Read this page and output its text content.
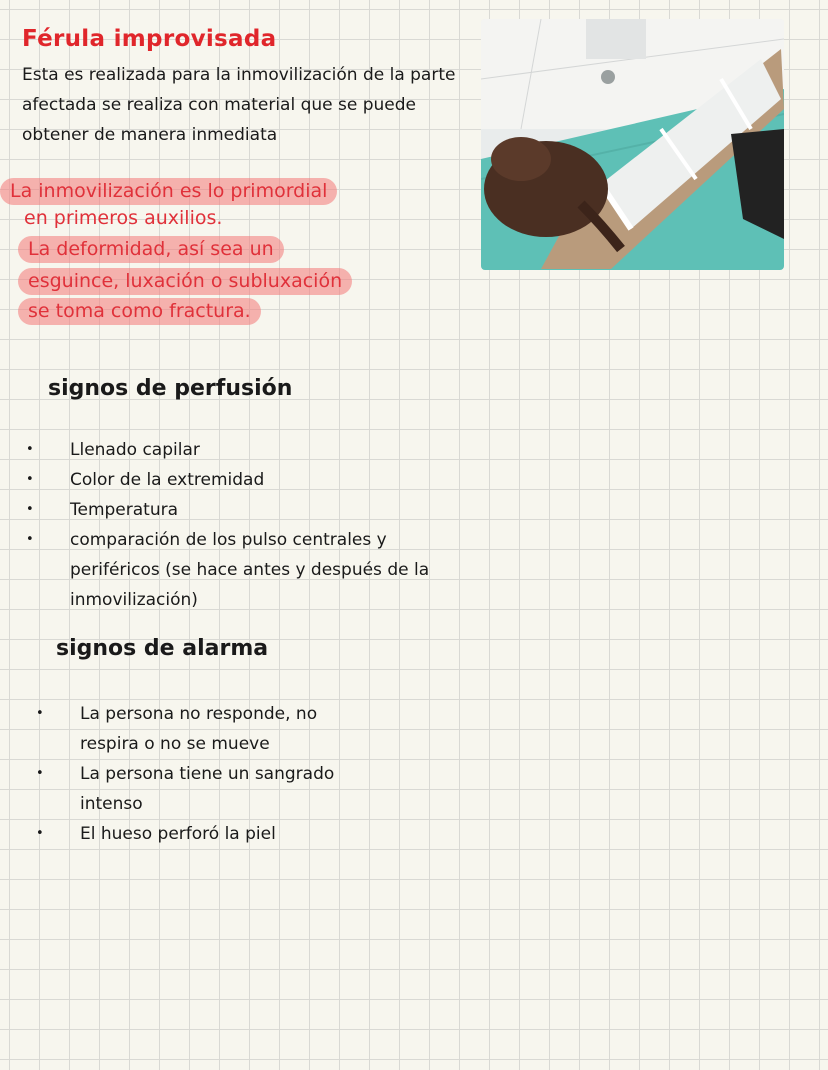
Férula improvisada

Esta es realizada para la inmovilización de la parte afectada se realiza con material que se puede obtener de manera inmediata

La inmovilización es lo primordial
en primeros auxilios.
La deformidad, así sea un
esguince, luxación o subluxación
se toma como fractura.
signos de perfusión
• Llenado capilar
• Color de la extremidad
• Temperatura
• comparación de los pulso centrales y periféricos (se hace antes y después de la inmovilización)
signos de alarma
• La persona no responde, no respira o no se mueve
• La persona tiene un sangrado intenso
• El hueso perforó la piel
